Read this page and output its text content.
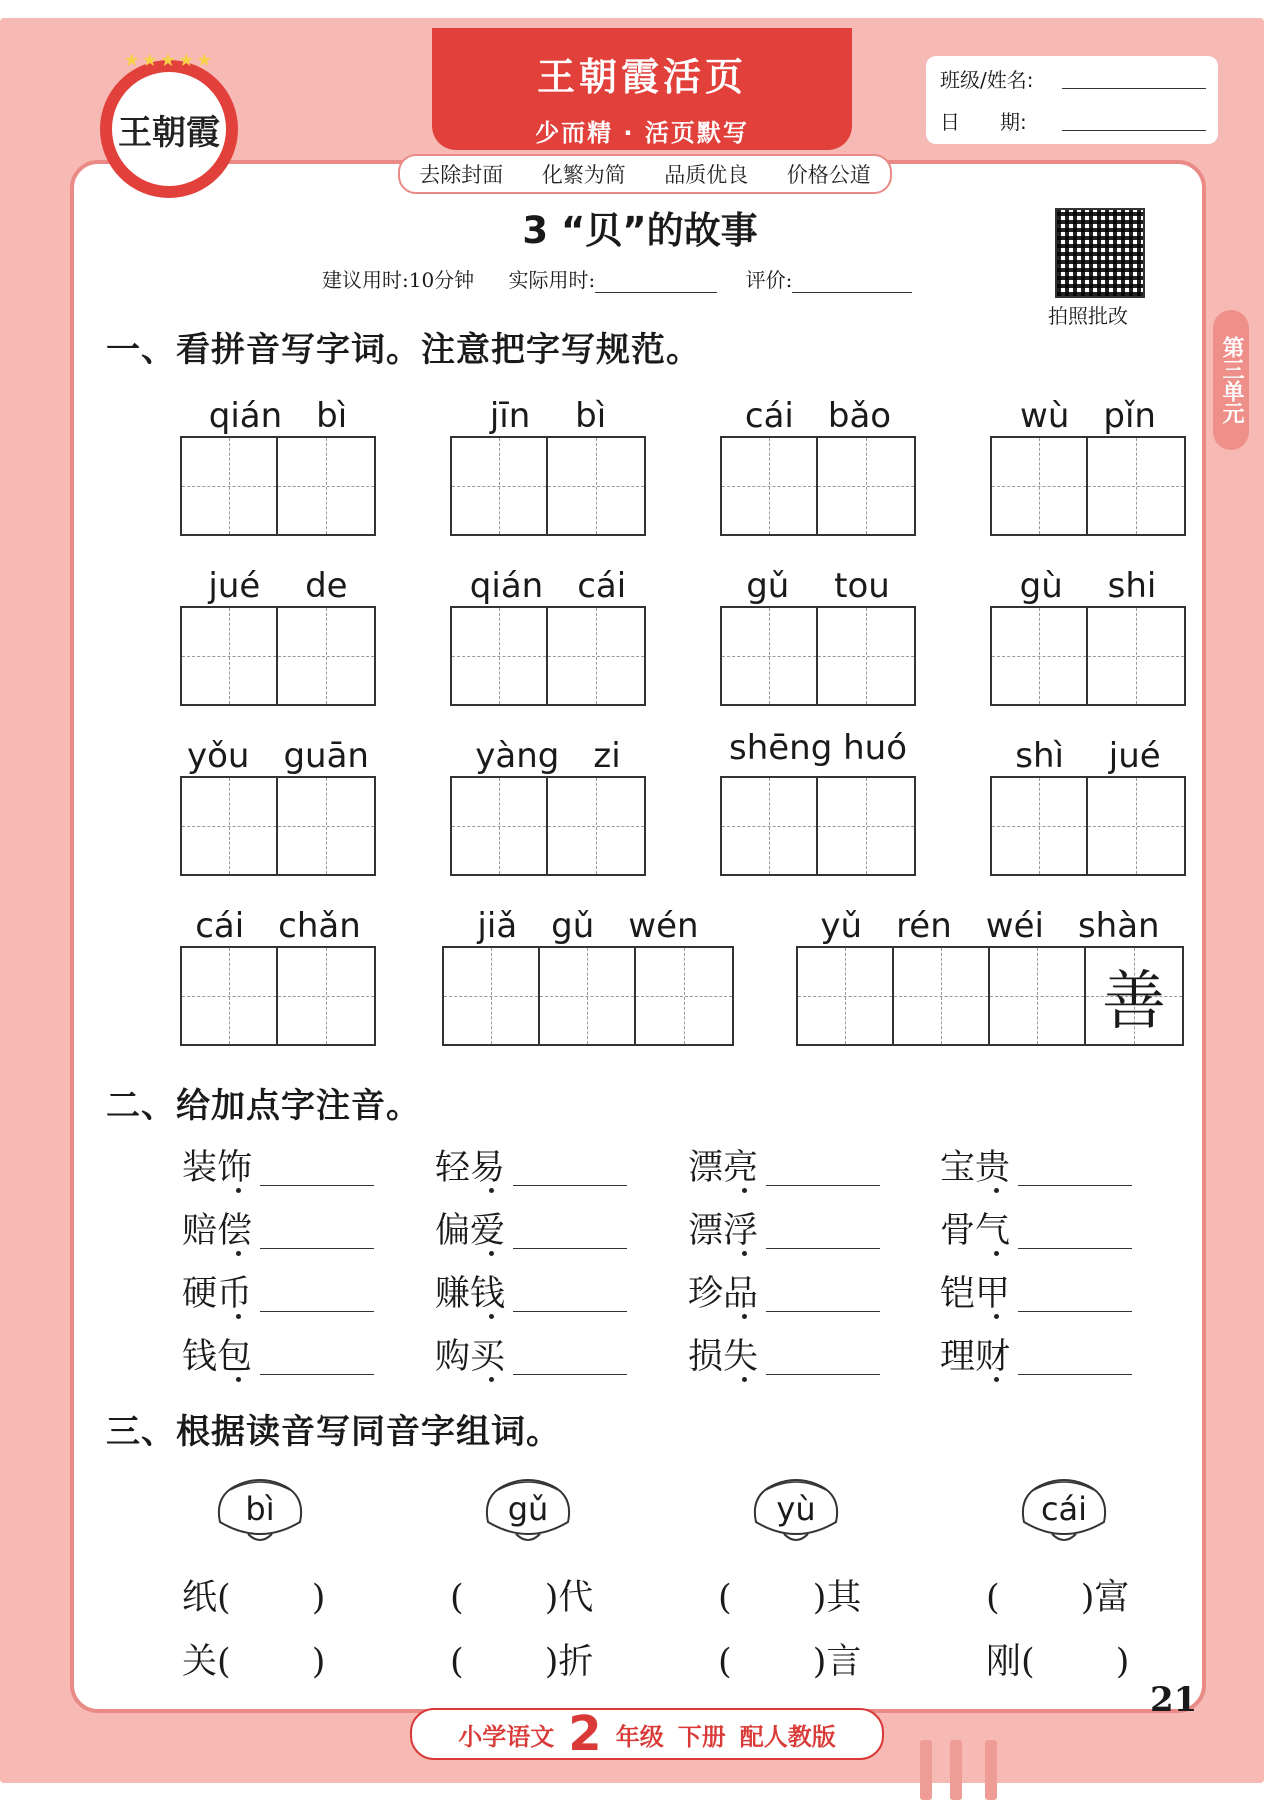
★★★★★
王朝霞
王朝霞活页
少而精 · 活页默写
去除封面 化繁为简 品质优良 价格公道
班级/姓名:
日　　期:
3 “贝”的故事
建议用时:10分钟 实际用时:	评价:
拍照批改
第三单元
一、看拼音写字词。注意把字写规范。
qián　bì	jīn　 bì	cái　bǎo	wù　pǐn
jué　 de	qián　cái	gǔ　 tou	gù　 shi
yǒu　guān	yàng　zi	shēng huó	shì　 jué
cái　chǎn	jiǎ　gǔ　wén	yǔ　rén　wéi　shàn
善
二、给加点字注音。
装饰	轻易	漂亮	宝贵
赔偿	偏爱	漂浮	骨气
硬币	赚钱	珍品	铠甲
钱包	购买	损失	理财
三、根据读音写同音字组词。
bì
纸(　　 )
关(　　 )
gǔ
(　　 )代
(　　 )折
yù
(　　 )其
(　　 )言
cái
(　　 )富
刚(　　 )
小学语文 2 年级 下册 配人教版
21
